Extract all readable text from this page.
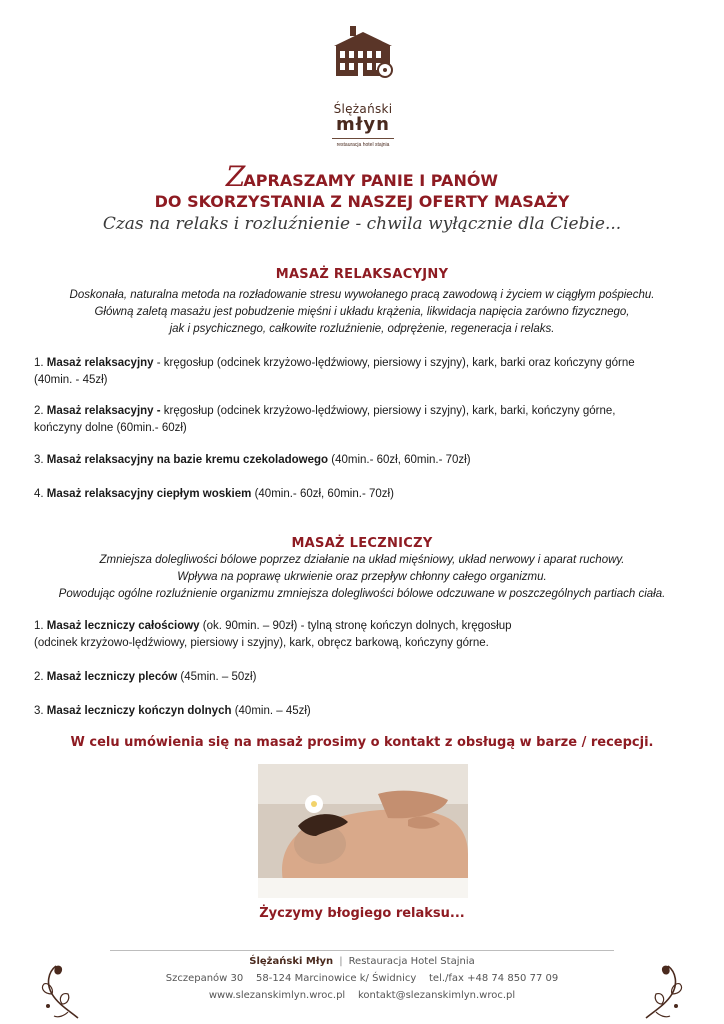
Ślężański
młyn
restauracja hotel stajnia
ZAPRASZAMY PANIE I PANÓW
DO SKORZYSTANIA Z NASZEJ OFERTY MASAŻY
Czas na relaks i rozluźnienie - chwila wyłącznie dla Ciebie...
MASAŻ RELAKSACYJNY
Doskonała, naturalna metoda na rozładowanie stresu wywołanego pracą zawodową i życiem w ciągłym pośpiechu.
Główną zaletą masażu jest pobudzenie mięśni i układu krążenia, likwidacja napięcia zarówno fizycznego,
jak i psychicznego, całkowite rozluźnienie, odprężenie, regeneracja i relaks.
1. Masaż relaksacyjny - kręgosłup (odcinek krzyżowo-lędźwiowy, piersiowy i szyjny), kark, barki oraz kończyny górne
(40min. - 45zł)
2. Masaż relaksacyjny - kręgosłup (odcinek krzyżowo-lędźwiowy, piersiowy i szyjny), kark, barki, kończyny górne,
kończyny dolne (60min.- 60zł)
3. Masaż relaksacyjny na bazie kremu czekoladowego (40min.- 60zł, 60min.- 70zł)
4. Masaż relaksacyjny ciepłym woskiem (40min.- 60zł, 60min.- 70zł)
MASAŻ LECZNICZY
Zmniejsza dolegliwości bólowe poprzez działanie na układ mięśniowy, układ nerwowy i aparat ruchowy.
Wpływa na poprawę ukrwienie oraz przepływ chłonny całego organizmu.
Powodując ogólne rozluźnienie organizmu zmniejsza dolegliwości bólowe odczuwane w poszczególnych partiach ciała.
1. Masaż leczniczy całościowy (ok. 90min. – 90zł) - tylną stronę kończyn dolnych, kręgosłup
(odcinek krzyżowo-lędźwiowy, piersiowy i szyjny), kark, obręcz barkową, kończyny górne.
2. Masaż leczniczy pleców (45min. – 50zł)
3. Masaż leczniczy kończyn dolnych (40min. – 45zł)
W celu umówienia się na masaż prosimy o kontakt z obsługą w barze / recepcji.
Życzymy błogiego relaksu...
Ślężański Młyn | Restauracja Hotel Stajnia
Szczepanów 30 58-124 Marcinowice k/ Świdnicy tel./fax +48 74 850 77 09
www.slezanskimlyn.wroc.pl kontakt@slezanskimlyn.wroc.pl
